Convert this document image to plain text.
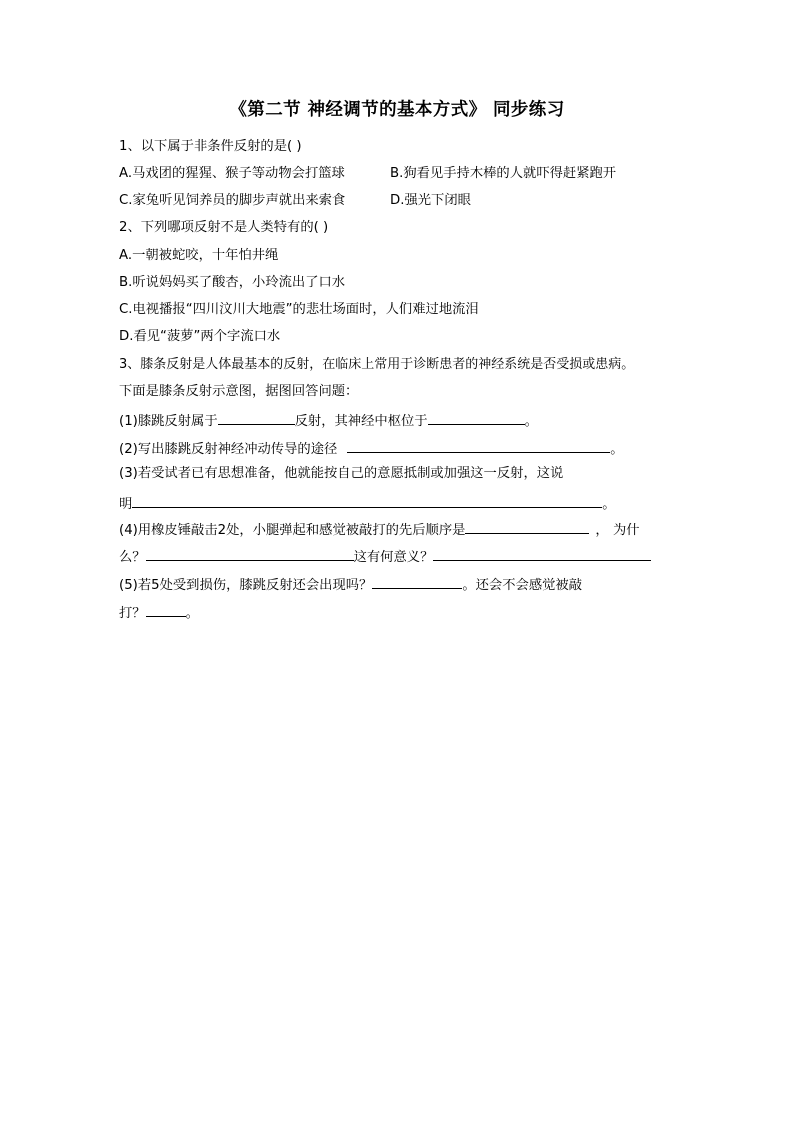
《第二节 神经调节的基本方式》 同步练习
1、以下属于非条件反射的是( )
A.马戏团的猩猩、猴子等动物会打篮球	B.狗看见手持木棒的人就吓得赶紧跑开
C.家兔听见饲养员的脚步声就出来索食	D.强光下闭眼
2、下列哪项反射不是人类特有的( )
A.一朝被蛇咬，十年怕井绳
B.听说妈妈买了酸杏，小玲流出了口水
C.电视播报“四川汶川大地震”的悲壮场面时，人们难过地流泪
D.看见“菠萝”两个字流口水
3、膝条反射是人体最基本的反射，在临床上常用于诊断患者的神经系统是否受损或患病。
下面是膝条反射示意图，据图回答问题：
(1)膝跳反射属于	反射，其神经中枢位于	。
(2)写出膝跳反射神经冲动传导的途径	。
(3)若受试者已有思想准备，他就能按自己的意愿抵制或加强这一反射，这说
明	。
(4)用橡皮锤敲击2处，小腿弹起和感觉被敲打的先后顺序是	， 为什
么？	这有何意义？
(5)若5处受到损伤，膝跳反射还会出现吗？	。还会不会感觉被敲
打？	。
